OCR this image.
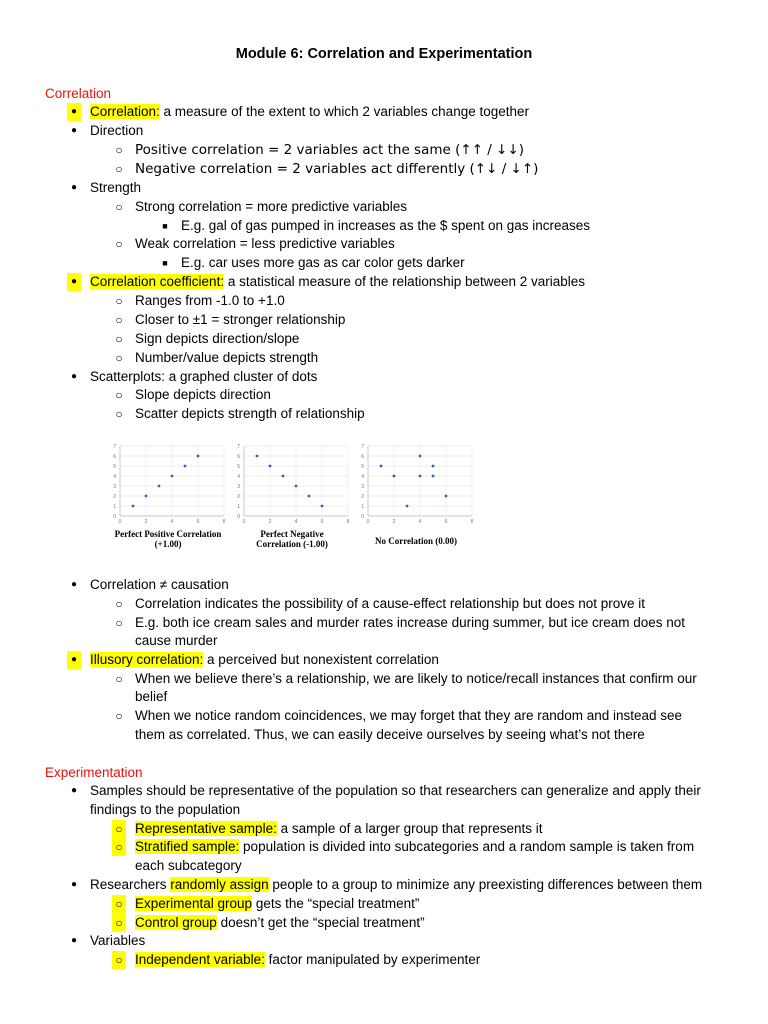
Module 6: Correlation and Experimentation
Correlation
● Correlation: a measure of the extent to which 2 variables change together
● Direction
○ Positive correlation = 2 variables act the same (↑↑ / ↓↓)
○ Negative correlation = 2 variables act differently (↑↓ / ↓↑)
● Strength
○ Strong correlation = more predictive variables
■ E.g. gal of gas pumped in increases as the $ spent on gas increases
○ Weak correlation = less predictive variables
■ E.g. car uses more gas as car color gets darker
● Correlation coefficient: a statistical measure of the relationship between 2 variables
○ Ranges from -1.0 to +1.0
○ Closer to ±1 = stronger relationship
○ Sign depicts direction/slope
○ Number/value depicts strength
● Scatterplots: a graphed cluster of dots
○ Slope depicts direction
○ Scatter depicts strength of relationship
0
1
2
3
4
5
6
7
0	2	4	6	8
Perfect Positive Correlation
(+1.00)
0
1
2
3
4
5
6
7
0	2	4	6	8
Perfect Negative
Correlation (-1.00)
0
1
2
3
4
5
6
7
0	2	4	6	8
No Correlation (0.00)
● Correlation ≠ causation
○ Correlation indicates the possibility of a cause-effect relationship but does not prove it
○ E.g. both ice cream sales and murder rates increase during summer, but ice cream does not
cause murder
● Illusory correlation: a perceived but nonexistent correlation
○ When we believe there’s a relationship, we are likely to notice/recall instances that confirm our
belief
○ When we notice random coincidences, we may forget that they are random and instead see
them as correlated. Thus, we can easily deceive ourselves by seeing what’s not there
Experimentation
● Samples should be representative of the population so that researchers can generalize and apply their
findings to the population
○ Representative sample: a sample of a larger group that represents it
○ Stratified sample: population is divided into subcategories and a random sample is taken from
each subcategory
● Researchers randomly assign people to a group to minimize any preexisting differences between them
○ Experimental group gets the “special treatment”
○ Control group doesn’t get the “special treatment”
● Variables
○ Independent variable: factor manipulated by experimenter
